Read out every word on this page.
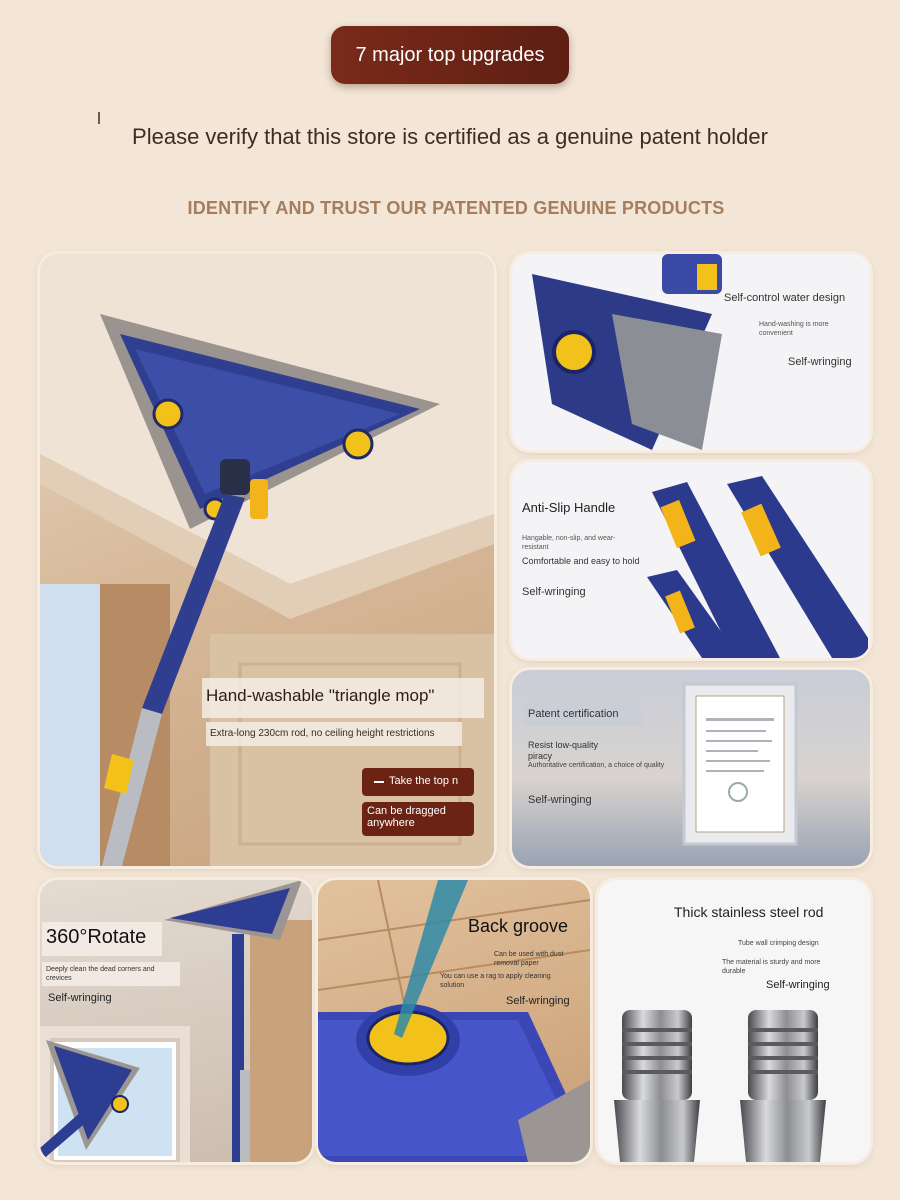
7 major top upgrades
Please verify that this store is certified as a genuine patent holder
IDENTIFY AND TRUST OUR PATENTED GENUINE PRODUCTS
Hand-washable "triangle mop"
Extra-long 230cm rod, no ceiling height restrictions
Take the top n
Can be dragged anywhere
Self-control water design
Hand-washing is more convenient
Self-wringing
Anti-Slip Handle
Hangable, non-slip, and wear-resistant
Comfortable and easy to hold
Self-wringing
Patent certification
Resist low-quality piracy
Authoritative certification, a choice of quality
Self-wringing
360°Rotate
Deeply clean the dead corners and crevices
Self-wringing
Back groove
Can be used with dust removal paper
You can use a rag to apply cleaning solution
Self-wringing
Thick stainless steel rod
Tube wall crimping design
The material is sturdy and more durable
Self-wringing
